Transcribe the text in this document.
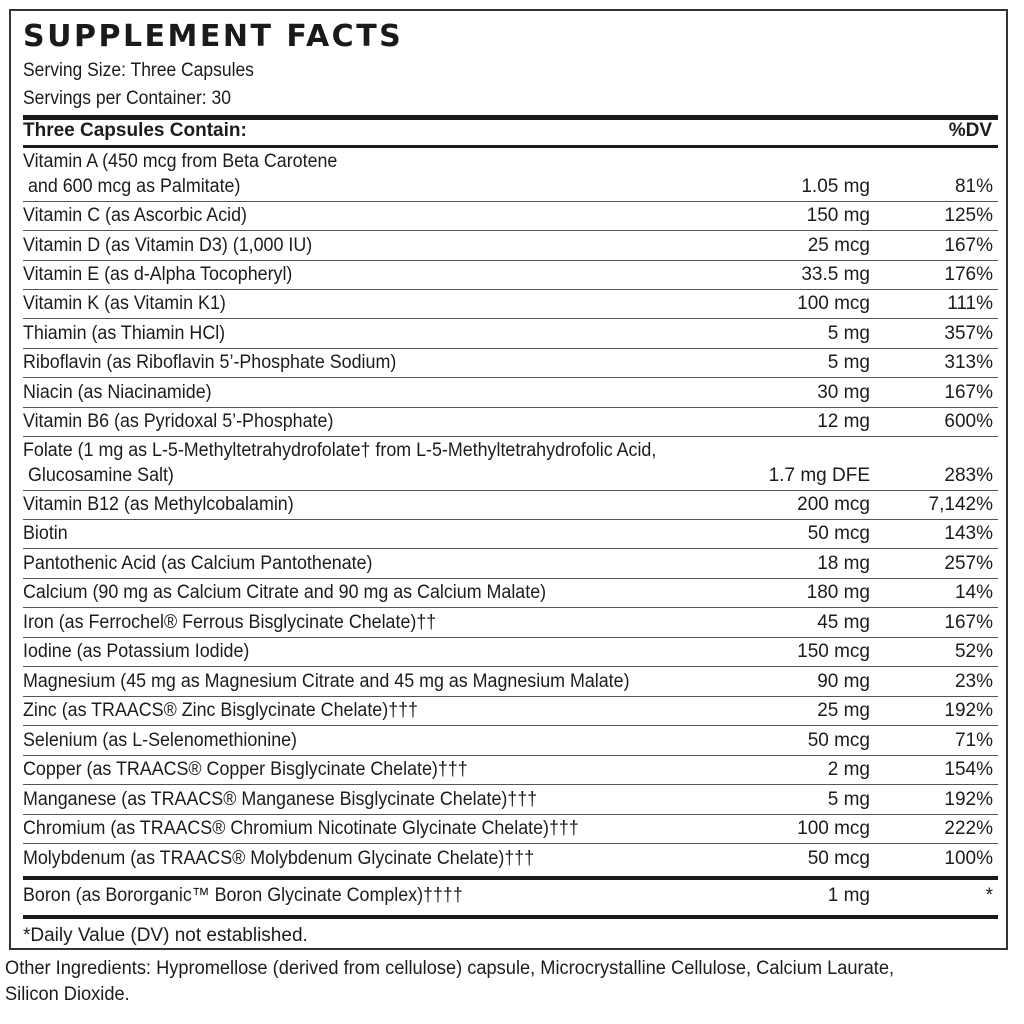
SUPPLEMENT FACTS
Serving Size: Three Capsules
Servings per Container: 30
Three Capsules Contain:	%DV
Vitamin A (450 mcg from Beta Carotene
and 600 mcg as Palmitate)	1.05 mg	81%
Vitamin C (as Ascorbic Acid)	150 mg	125%
Vitamin D (as Vitamin D3) (1,000 IU)	25 mcg	167%
Vitamin E (as d-Alpha Tocopheryl)	33.5 mg	176%
Vitamin K (as Vitamin K1)	100 mcg	111%
Thiamin (as Thiamin HCl)	5 mg	357%
Riboflavin (as Riboflavin 5’-Phosphate Sodium)	5 mg	313%
Niacin (as Niacinamide)	30 mg	167%
Vitamin B6 (as Pyridoxal 5’-Phosphate)	12 mg	600%
Folate (1 mg as L-5-Methyltetrahydrofolate† from L-5-Methyltetrahydrofolic Acid,
Glucosamine Salt)	1.7 mg DFE	283%
Vitamin B12 (as Methylcobalamin)	200 mcg	7,142%
Biotin	50 mcg	143%
Pantothenic Acid (as Calcium Pantothenate)	18 mg	257%
Calcium (90 mg as Calcium Citrate and 90 mg as Calcium Malate)	180 mg	14%
Iron (as Ferrochel® Ferrous Bisglycinate Chelate)††	45 mg	167%
Iodine (as Potassium Iodide)	150 mcg	52%
Magnesium (45 mg as Magnesium Citrate and 45 mg as Magnesium Malate)	90 mg	23%
Zinc (as TRAACS® Zinc Bisglycinate Chelate)†††	25 mg	192%
Selenium (as L-Selenomethionine)	50 mcg	71%
Copper (as TRAACS® Copper Bisglycinate Chelate)†††	2 mg	154%
Manganese (as TRAACS® Manganese Bisglycinate Chelate)†††	5 mg	192%
Chromium (as TRAACS® Chromium Nicotinate Glycinate Chelate)†††	100 mcg	222%
Molybdenum (as TRAACS® Molybdenum Glycinate Chelate)†††	50 mcg	100%
Boron (as Bororganic™ Boron Glycinate Complex)††††	1 mg	*
*Daily Value (DV) not established.
Other Ingredients: Hypromellose (derived from cellulose) capsule, Microcrystalline Cellulose, Calcium Laurate, Silicon Dioxide.
